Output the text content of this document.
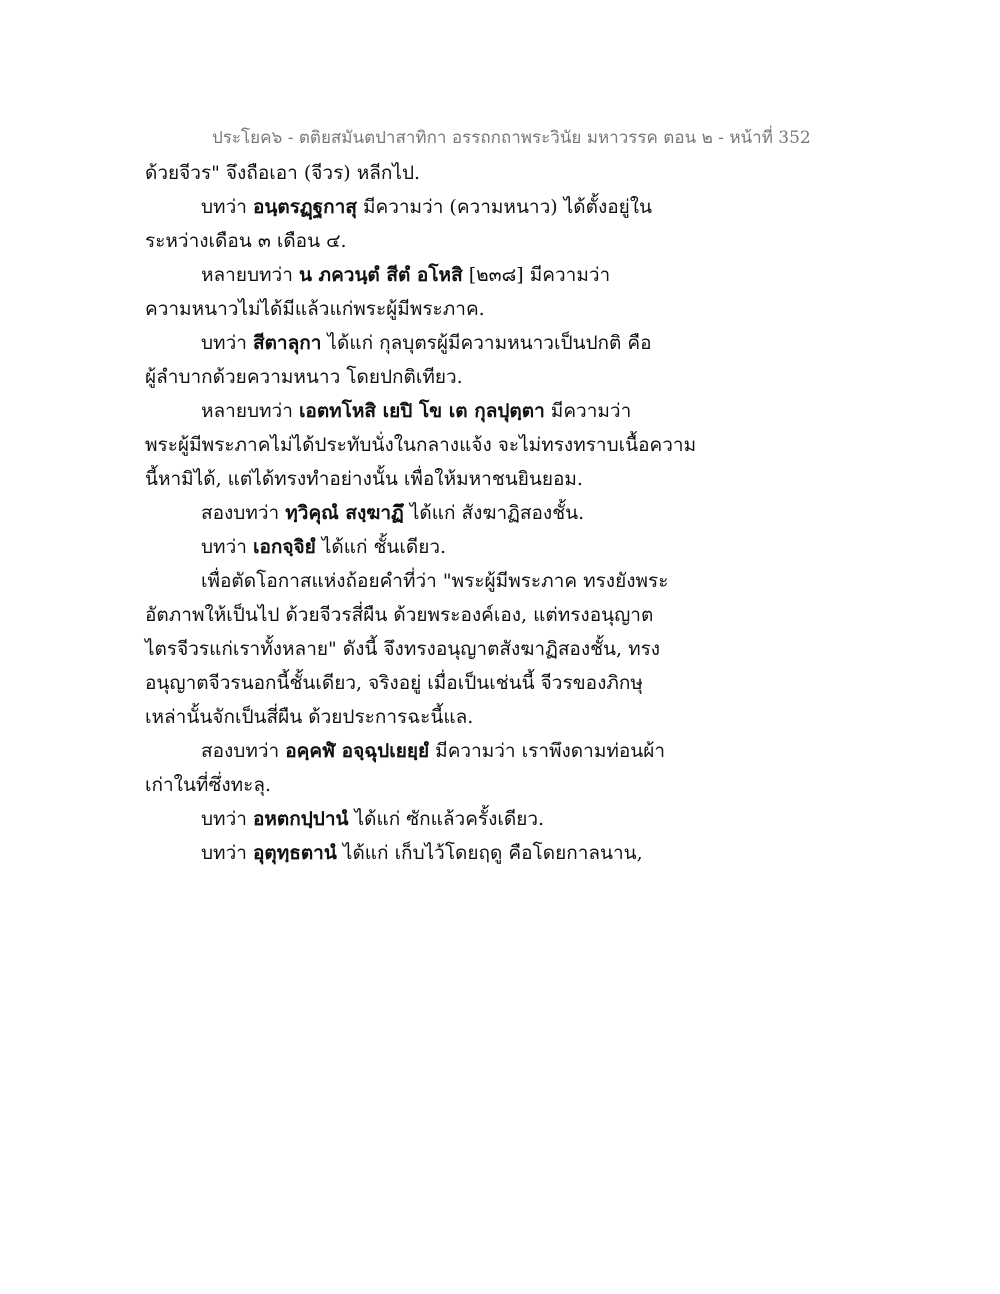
ประโยค๖ - ตติยสมันตปาสาทิกา อรรถกถาพระวินัย มหาวรรค ตอน ๒ - หน้าที่ 352
ด้วยจีวร" จึงถือเอา (จีวร) หลีกไป.
บทว่า อนฺตรฏฺฐกาสุ มีความว่า (ความหนาว) ได้ตั้งอยู่ใน
ระหว่างเดือน ๓ เดือน ๔.
หลายบทว่า น ภควนฺตํ สีตํ อโหสิ [๒๓๘] มีความว่า
ความหนาวไม่ได้มีแล้วแก่พระผู้มีพระภาค.
บทว่า สีตาลุกา ได้แก่ กุลบุตรผู้มีความหนาวเป็นปกติ คือ
ผู้ลำบากด้วยความหนาว โดยปกติเทียว.
หลายบทว่า เอตทโหสิ เยปิ โข เต กุลปุตฺตา มีความว่า
พระผู้มีพระภาคไม่ได้ประทับนั่งในกลางแจ้ง จะไม่ทรงทราบเนื้อความ
นี้หามิได้, แต่ได้ทรงทำอย่างนั้น เพื่อให้มหาชนยินยอม.
สองบทว่า ทฺวิคุณํ สงฺฆาฏึ ได้แก่ สังฆาฏิสองชั้น.
บทว่า เอกจฺจิยํ ได้แก่ ชั้นเดียว.
เพื่อตัดโอกาสแห่งถ้อยคำที่ว่า "พระผู้มีพระภาค ทรงยังพระ
อัตภาพให้เป็นไป ด้วยจีวรสี่ผืน ด้วยพระองค์เอง, แต่ทรงอนุญาต
ไตรจีวรแก่เราทั้งหลาย" ดังนี้ จึงทรงอนุญาตสังฆาฏิสองชั้น, ทรง
อนุญาตจีวรนอกนี้ชั้นเดียว, จริงอยู่ เมื่อเป็นเช่นนี้ จีวรของภิกษุ
เหล่านั้นจักเป็นสี่ผืน ด้วยประการฉะนี้แล.
สองบทว่า อคฺคฬํ อจฺฉุปเยยฺยํ มีความว่า เราพึงดามท่อนผ้า
เก่าในที่ซึ่งทะลุ.
บทว่า อหตกปฺปานํ ได้แก่ ซักแล้วครั้งเดียว.
บทว่า อุตุทฺธตานํ ได้แก่ เก็บไว้โดยฤดู คือโดยกาลนาน,
